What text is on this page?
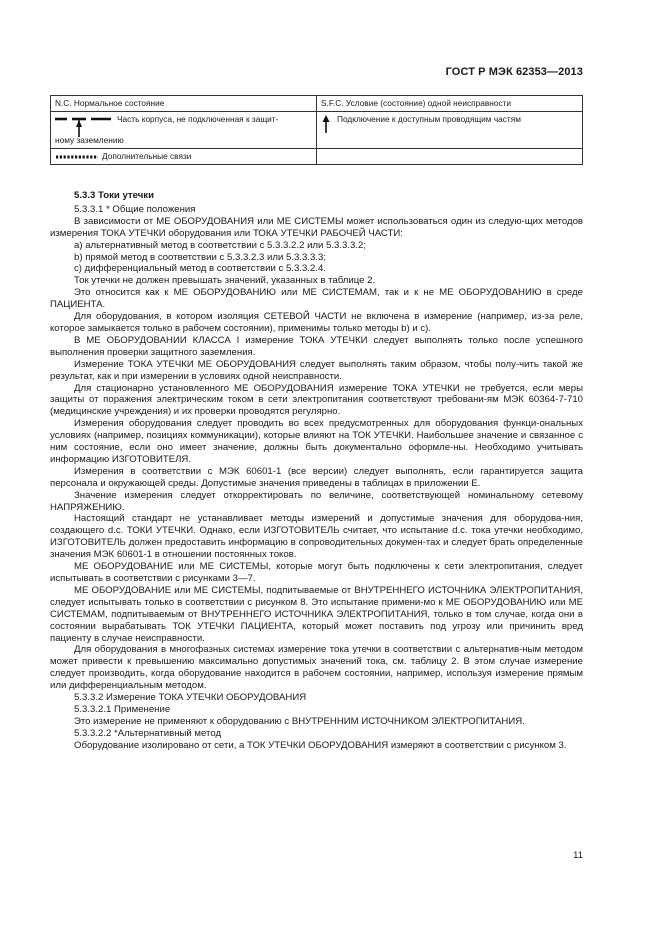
ГОСТ Р МЭК 62353—2013
N.C. Нормальное состояние	S.F.C. Условие (состояние) одной неисправности

Часть корпуса, не подключенная к защит-
ному заземлению	Подключение к доступным проводящим частям

Дополнительные связи	

5.3.3 Токи утечки

5.3.3.1 * Общие положения

В зависимости от МЕ ОБОРУДОВАНИЯ или МЕ СИСТЕМЫ может использоваться один из следую-щих методов измерения ТОКА УТЕЧКИ оборудования или ТОКА УТЕЧКИ РАБОЧЕЙ ЧАСТИ:

a) альтернативный метод в соответствии с 5.3.3.2.2 или 5.3.3.3.2;

b) прямой метод в соответствии с 5.3.3.2.3 или 5.3.3.3.3;

c) дифференциальный метод в соответствии с 5.3.3.2.4.

Ток утечки не должен превышать значений, указанных в таблице 2.

Это относится как к МЕ ОБОРУДОВАНИЮ или МЕ СИСТЕМАМ, так и к не МЕ ОБОРУДОВАНИЮ в среде ПАЦИЕНТА.

Для оборудования, в котором изоляция СЕТЕВОЙ ЧАСТИ не включена в измерение (например, из-за реле, которое замыкается только в рабочем состоянии), применимы только методы b) и c).

В МЕ ОБОРУДОВАНИИ КЛАССА I измерение ТОКА УТЕЧКИ следует выполнять только после успешного выполнения проверки защитного заземления.

Измерение ТОКА УТЕЧКИ МЕ ОБОРУДОВАНИЯ следует выполнять таким образом, чтобы полу-чить такой же результат, как и при измерении в условиях одной неисправности.

Для стационарно установленного МЕ ОБОРУДОВАНИЯ измерение ТОКА УТЕЧКИ не требуется, если меры защиты от поражения электрическим током в сети электропитания соответствуют требовани-ям МЭК 60364-7-710 (медицинские учреждения) и их проверки проводятся регулярно.

Измерения оборудования следует проводить во всех предусмотренных для оборудования функци-ональных условиях (например, позициях коммуникации), которые влияют на ТОК УТЕЧКИ. Наибольшее значение и связанное с ним состояние, если оно имеет значение, должны быть документально оформле-ны. Необходимо учитывать информацию ИЗГОТОВИТЕЛЯ.

Измерения в соответствии с МЭК 60601-1 (все версии) следует выполнять, если гарантируется защита персонала и окружающей среды. Допустимые значения приведены в таблицах в приложении Е.

Значение измерения следует откорректировать по величине, соответствующей номинальному сетевому НАПРЯЖЕНИЮ.

Настоящий стандарт не устанавливает методы измерений и допустимые значения для оборудова-ния, создающего d.c. ТОКИ УТЕЧКИ. Однако, если ИЗГОТОВИТЕЛЬ считает, что испытание d.c. тока утечки необходимо, ИЗГОТОВИТЕЛЬ должен предоставить информацию в сопроводительных докумен-тах и следует брать определенные значения МЭК 60601-1 в отношении постоянных токов.

МЕ ОБОРУДОВАНИЕ или МЕ СИСТЕМЫ, которые могут быть подключены к сети электропитания, следует испытывать в соответствии с рисунками 3—7.

МЕ ОБОРУДОВАНИЕ или МЕ СИСТЕМЫ, подпитываемые от ВНУТРЕННЕГО ИСТОЧНИКА ЭЛЕКТРОПИТАНИЯ, следует испытывать только в соответствии с рисунком 8. Это испытание примени-мо к МЕ ОБОРУДОВАНИЮ или МЕ СИСТЕМАМ, подпитываемым от ВНУТРЕННЕГО ИСТОЧНИКА ЭЛЕКТРОПИТАНИЯ, только в том случае, когда они в состоянии вырабатывать ТОК УТЕЧКИ ПАЦИЕНТА, который может поставить под угрозу или причинить вред пациенту в случае неисправности.

Для оборудования в многофазных системах измерение тока утечки в соответствии с альтернатив-ным методом может привести к превышению максимально допустимых значений тока, см. таблицу 2. В этом случае измерение следует производить, когда оборудование находится в рабочем состоянии, например, используя измерение прямым или дифференциальным методом.

5.3.3.2 Измерение ТОКА УТЕЧКИ ОБОРУДОВАНИЯ

5.3.3.2.1 Применение

Это измерение не применяют к оборудованию с ВНУТРЕННИМ ИСТОЧНИКОМ ЭЛЕКТРОПИТАНИЯ.

5.3.3.2.2 *Альтернативный метод

Оборудование изолировано от сети, а ТОК УТЕЧКИ ОБОРУДОВАНИЯ измеряют в соответствии с рисунком 3.

11
